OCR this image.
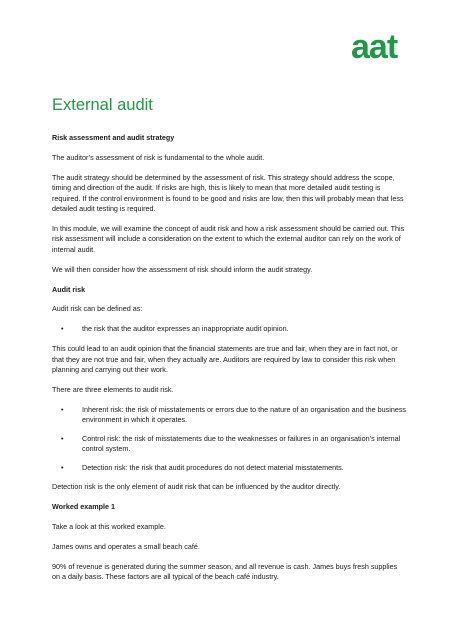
aat
External audit

Risk assessment and audit strategy

The auditor’s assessment of risk is fundamental to the whole audit.

The audit strategy should be determined by the assessment of risk. This strategy should address the scope, timing and direction of the audit. If risks are high, this is likely to mean that more detailed audit testing is required. If the control environment is found to be good and risks are low, then this will probably mean that less detailed audit testing is required.

In this module, we will examine the concept of audit risk and how a risk assessment should be carried out. This risk assessment will include a consideration on the extent to which the external auditor can rely on the work of internal audit.

We will then consider how the assessment of risk should inform the audit strategy.

Audit risk

Audit risk can be defined as:

•	the risk that the auditor expresses an inappropriate audit opinion.

This could lead to an audit opinion that the financial statements are true and fair, when they are in fact not, or that they are not true and fair, when they actually are. Auditors are required by law to consider this risk when planning and carrying out their work.

There are three elements to audit risk.

•	Inherent risk: the risk of misstatements or errors due to the nature of an organisation and the business environment in which it operates.
•	Control risk: the risk of misstatements due to the weaknesses or failures in an organisation’s internal control system.
•	Detection risk: the risk that audit procedures do not detect material misstatements.

Detection risk is the only element of audit risk that can be influenced by the auditor directly.

Worked example 1

Take a look at this worked example.

James owns and operates a small beach café.

90% of revenue is generated during the summer season, and all revenue is cash. James buys fresh supplies on a daily basis. These factors are all typical of the beach café industry.
